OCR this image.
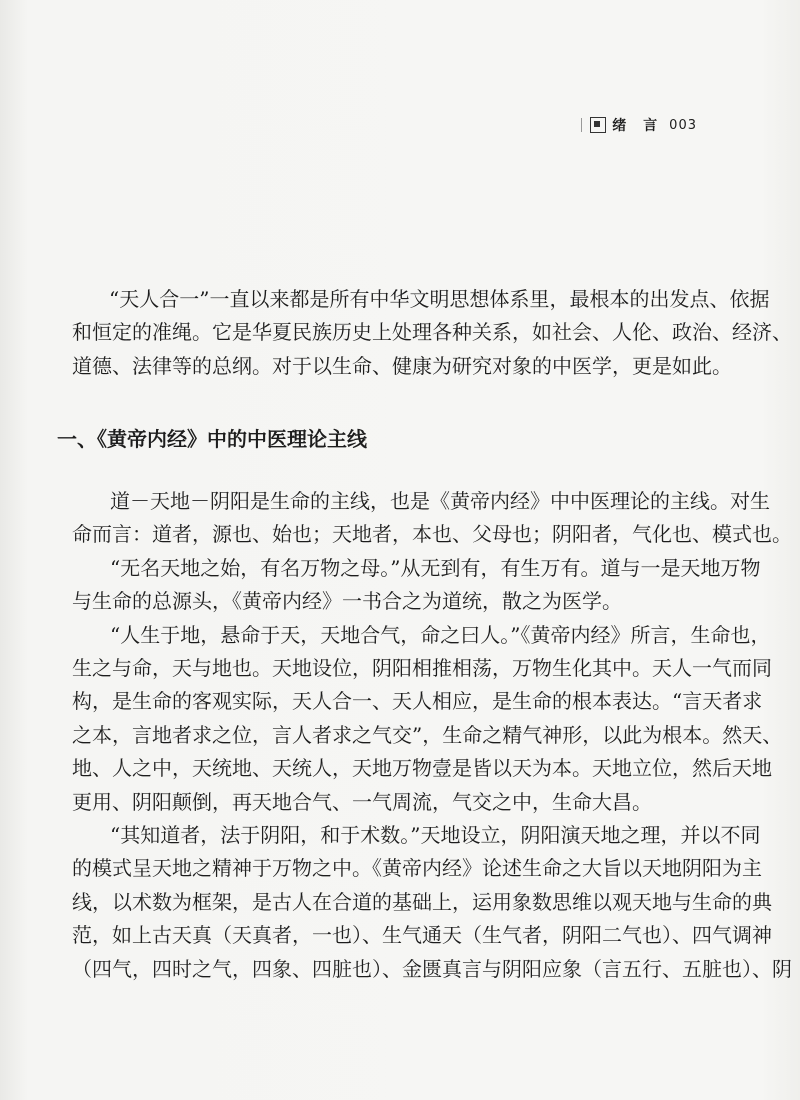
绪 言 003

“天人合一”一直以来都是所有中华文明思想体系里，最根本的出发点、依据
和恒定的准绳。它是华夏民族历史上处理各种关系，如社会、人伦、政治、经济、
道德、法律等的总纲。对于以生命、健康为研究对象的中医学，更是如此。

一、《黄帝内经》中的中医理论主线

道－天地－阴阳是生命的主线，也是《黄帝内经》中中医理论的主线。对生
命而言：道者，源也、始也；天地者，本也、父母也；阴阳者，气化也、模式也。

“无名天地之始，有名万物之母。”从无到有，有生万有。道与一是天地万物
与生命的总源头，《黄帝内经》一书合之为道统，散之为医学。

“人生于地，悬命于天，天地合气，命之曰人。”《黄帝内经》所言，生命也，
生之与命，天与地也。天地设位，阴阳相推相荡，万物生化其中。天人一气而同
构，是生命的客观实际，天人合一、天人相应，是生命的根本表达。“言天者求
之本，言地者求之位，言人者求之气交”，生命之精气神形，以此为根本。然天、
地、人之中，天统地、天统人，天地万物壹是皆以天为本。天地立位，然后天地
更用、阴阳颠倒，再天地合气、一气周流，气交之中，生命大昌。

“其知道者，法于阴阳，和于术数。”天地设立，阴阳演天地之理，并以不同
的模式呈天地之精神于万物之中。《黄帝内经》论述生命之大旨以天地阴阳为主
线，以术数为框架，是古人在合道的基础上，运用象数思维以观天地与生命的典
范，如上古天真（天真者，一也）、生气通天（生气者，阴阳二气也）、四气调神
（四气，四时之气，四象、四脏也）、金匮真言与阴阳应象（言五行、五脏也）、阴
